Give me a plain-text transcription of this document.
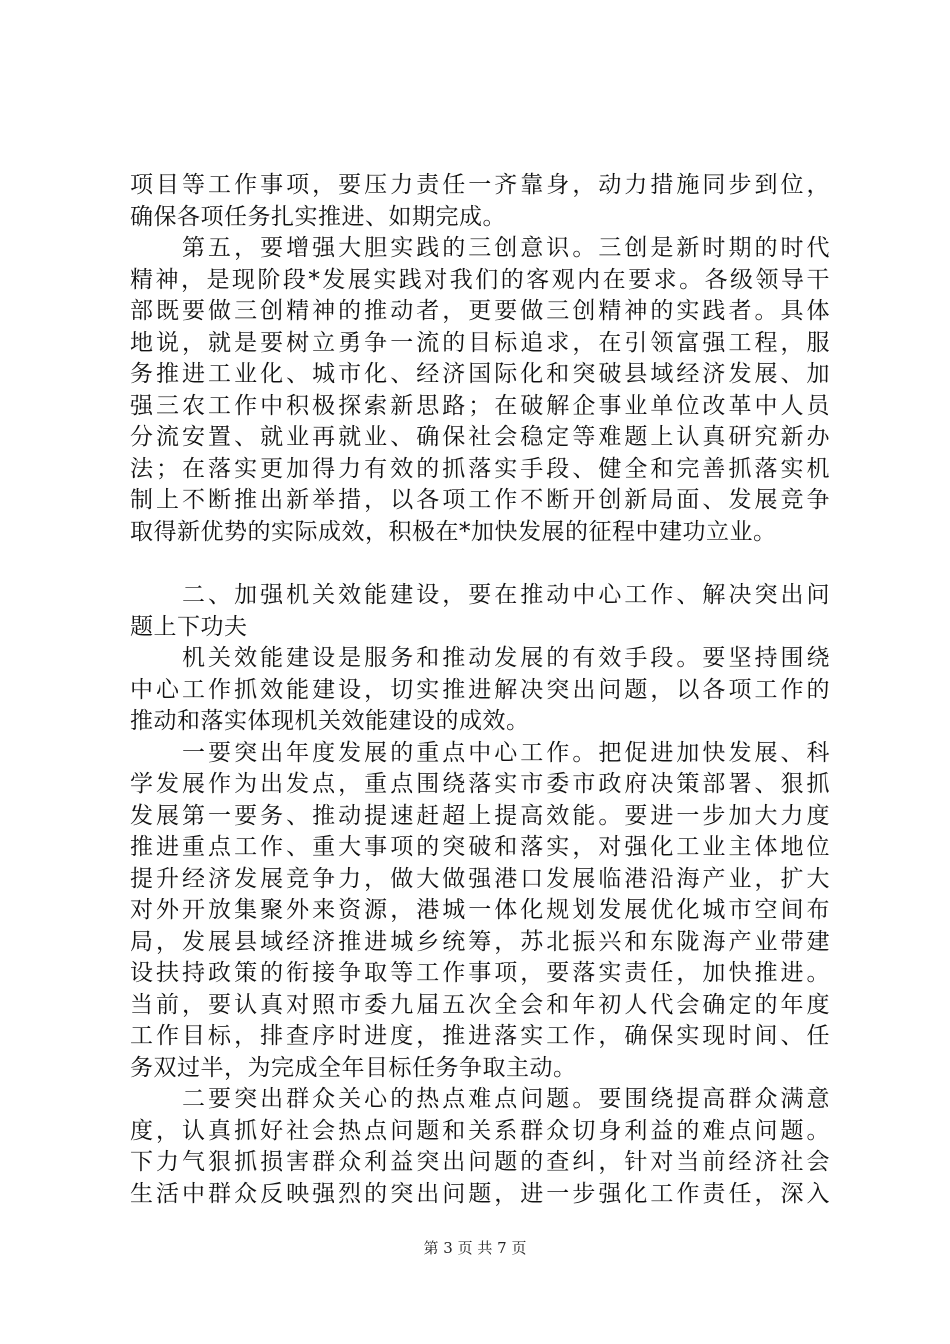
项目等工作事项，要压力责任一齐靠身，动力措施同步到位，
确保各项任务扎实推进、如期完成。
　　第五，要增强大胆实践的三创意识。三创是新时期的时代
精神，是现阶段*发展实践对我们的客观内在要求。各级领导干
部既要做三创精神的推动者，更要做三创精神的实践者。具体
地说，就是要树立勇争一流的目标追求，在引领富强工程，服
务推进工业化、城市化、经济国际化和突破县域经济发展、加
强三农工作中积极探索新思路；在破解企事业单位改革中人员
分流安置、就业再就业、确保社会稳定等难题上认真研究新办
法；在落实更加得力有效的抓落实手段、健全和完善抓落实机
制上不断推出新举措，以各项工作不断开创新局面、发展竞争
取得新优势的实际成效，积极在*加快发展的征程中建功立业。
　　二、加强机关效能建设，要在推动中心工作、解决突出问
题上下功夫
　　机关效能建设是服务和推动发展的有效手段。要坚持围绕
中心工作抓效能建设，切实推进解决突出问题，以各项工作的
推动和落实体现机关效能建设的成效。
　　一要突出年度发展的重点中心工作。把促进加快发展、科
学发展作为出发点，重点围绕落实市委市政府决策部署、狠抓
发展第一要务、推动提速赶超上提高效能。要进一步加大力度
推进重点工作、重大事项的突破和落实，对强化工业主体地位
提升经济发展竞争力，做大做强港口发展临港沿海产业，扩大
对外开放集聚外来资源，港城一体化规划发展优化城市空间布
局，发展县域经济推进城乡统筹，苏北振兴和东陇海产业带建
设扶持政策的衔接争取等工作事项，要落实责任，加快推进。
当前，要认真对照市委九届五次全会和年初人代会确定的年度
工作目标，排查序时进度，推进落实工作，确保实现时间、任
务双过半，为完成全年目标任务争取主动。
　　二要突出群众关心的热点难点问题。要围绕提高群众满意
度，认真抓好社会热点问题和关系群众切身利益的难点问题。
下力气狠抓损害群众利益突出问题的查纠，针对当前经济社会
生活中群众反映强烈的突出问题，进一步强化工作责任，深入
第 3 页 共 7 页
